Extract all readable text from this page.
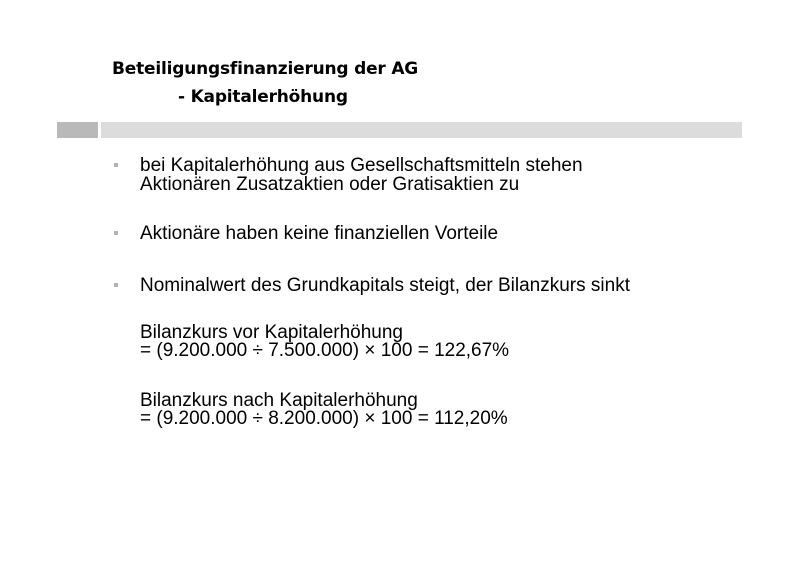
Beteiligungsfinanzierung der AG
- Kapitalerhöhung
bei Kapitalerhöhung aus Gesellschaftsmitteln stehen
Aktionären Zusatzaktien oder Gratisaktien zu
Aktionäre haben keine finanziellen Vorteile
Nominalwert des Grundkapitals steigt, der Bilanzkurs sinkt
Bilanzkurs vor Kapitalerhöhung
= (9.200.000 ÷ 7.500.000) × 100 = 122,67%
Bilanzkurs nach Kapitalerhöhung
= (9.200.000 ÷ 8.200.000) × 100 = 112,20%
